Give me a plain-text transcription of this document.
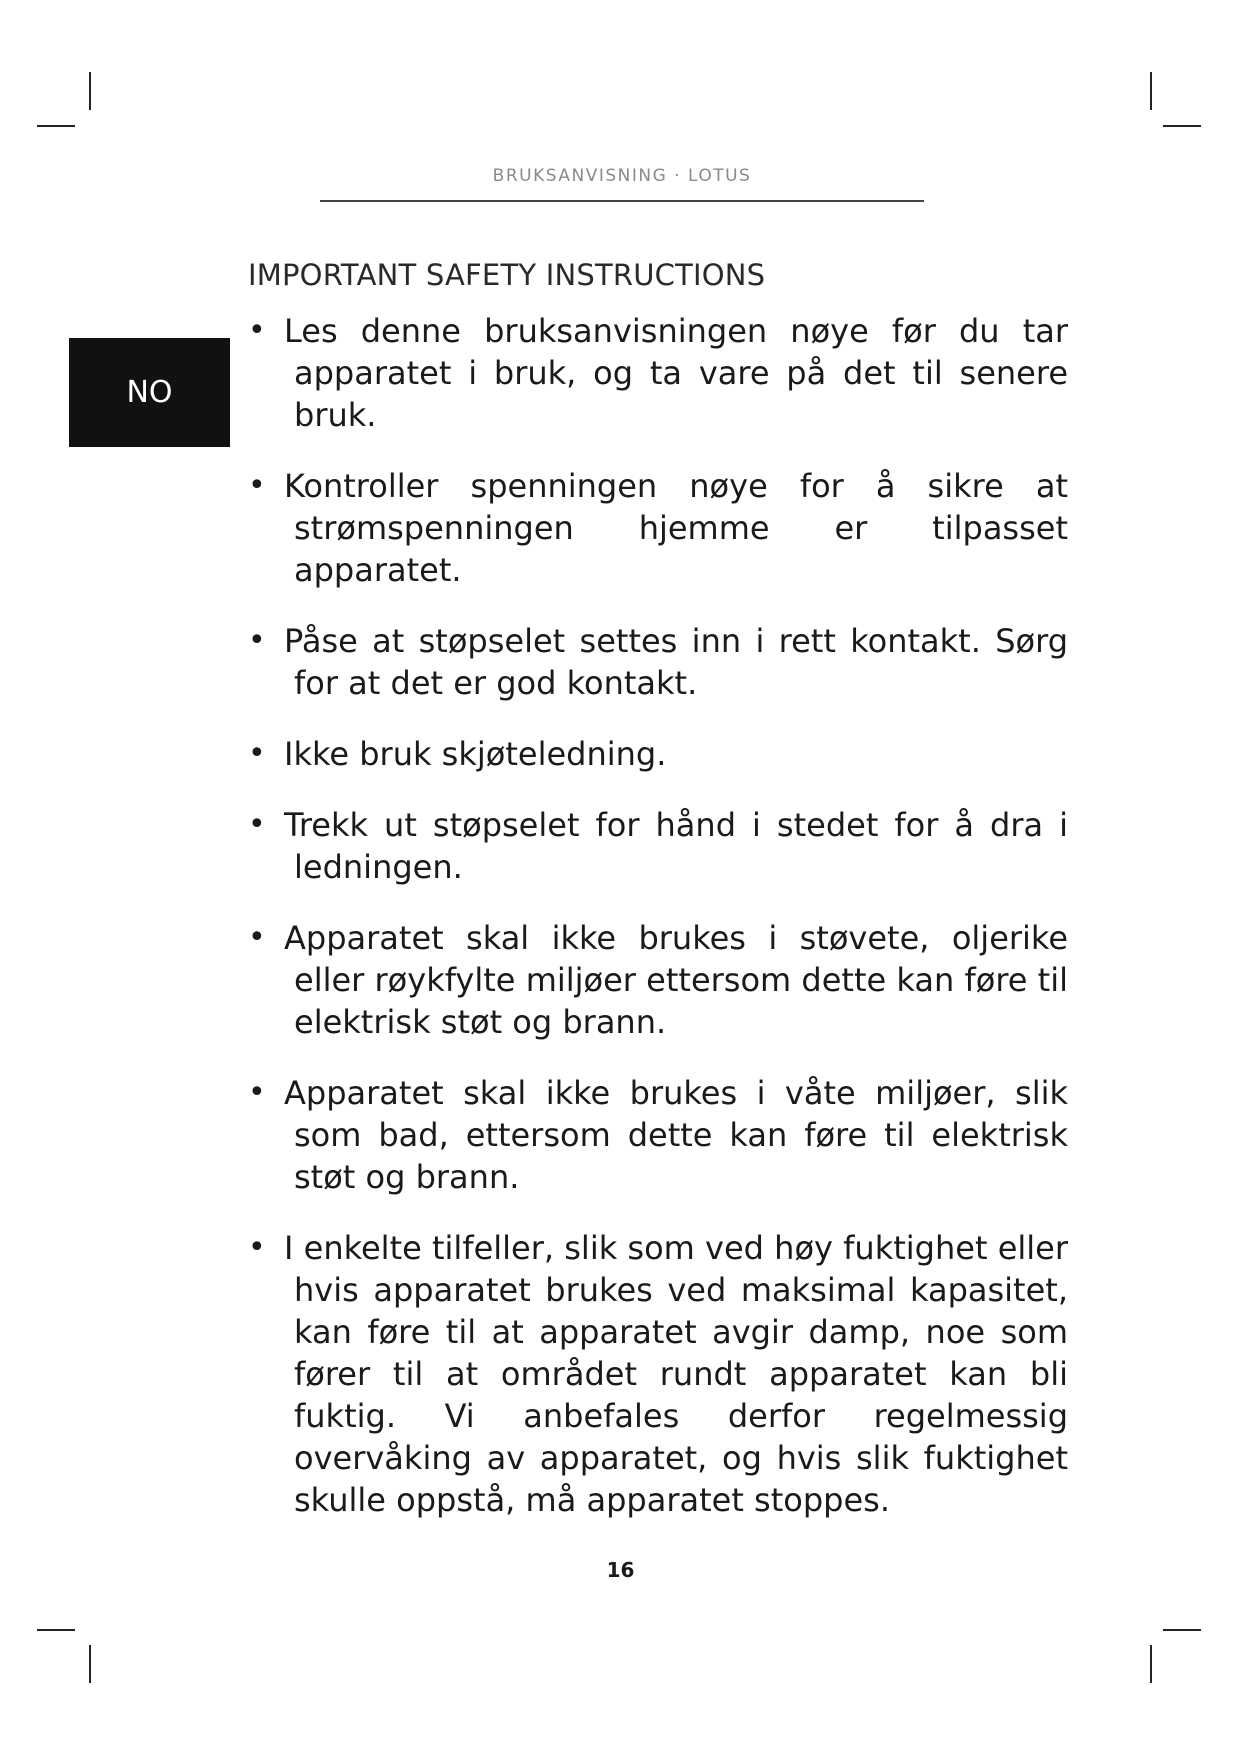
BRUKSANVISNING · LOTUS
NO
IMPORTANT SAFETY INSTRUCTIONS
• Les denne bruksanvisningen nøye før du tar apparatet i bruk, og ta vare på det til senere bruk.
• Kontroller spenningen nøye for å sikre at strømspenningen hjemme er tilpasset apparatet.
• Påse at støpselet settes inn i rett kontakt. Sørg for at det er god kontakt.
• Ikke bruk skjøteledning.
• Trekk ut støpselet for hånd i stedet for å dra i ledningen.
• Apparatet skal ikke brukes i støvete, oljerike eller røykfylte miljøer ettersom dette kan føre til elektrisk støt og brann.
• Apparatet skal ikke brukes i våte miljøer, slik som bad, ettersom dette kan føre til elektrisk støt og brann.
• I enkelte tilfeller, slik som ved høy fuktighet eller hvis apparatet brukes ved maksimal kapasitet, kan føre til at apparatet avgir damp, noe som fører til at området rundt apparatet kan bli fuktig. Vi anbefales derfor regelmessig overvåking av apparatet, og hvis slik fuktighet skulle oppstå, må apparatet stoppes.
16
